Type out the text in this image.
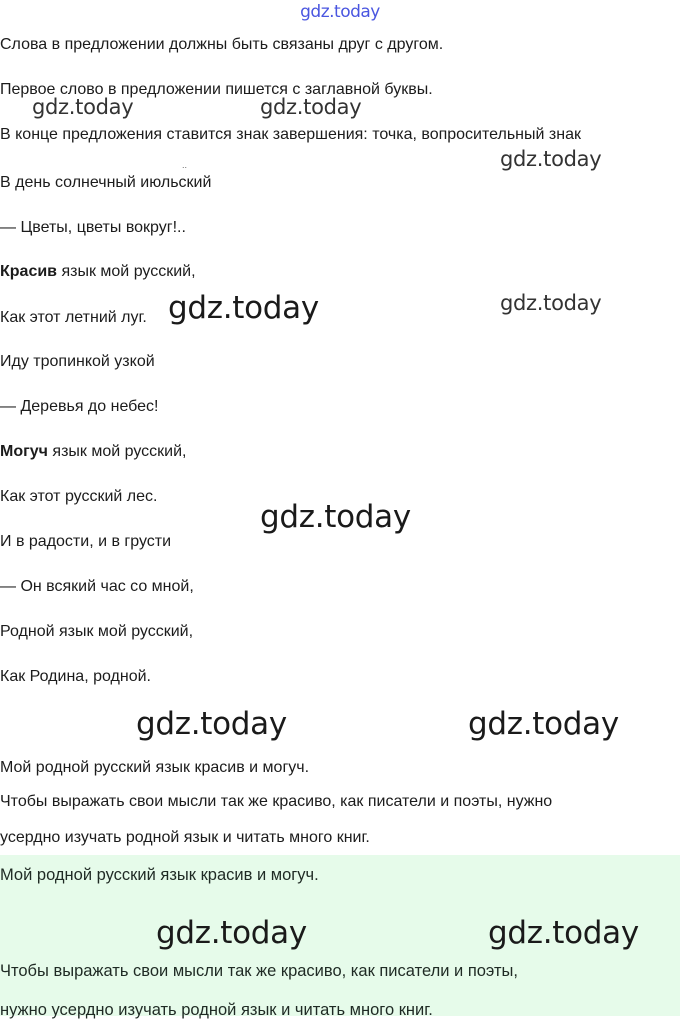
gdz.today
Слова в предложении должны быть связаны друг с другом.
Первое слово в предложении пишется с заглавной буквы.
В конце предложения ставится знак завершения: точка, вопросительный знак
..
В день солнечный июльский
— Цветы, цветы вокруг!..
Красив язык мой русский,
Как этот летний луг.
Иду тропинкой узкой
— Деревья до небес!
Могуч язык мой русский,
Как этот русский лес.
И в радости, и в грусти
— Он всякий час со мной,
Родной язык мой русский,
Как Родина, родной.
Мой родной русский язык красив и могуч.
Чтобы выражать свои мысли так же красиво, как писатели и поэты, нужно
усердно изучать родной язык и читать много книг.
Мой родной русский язык красив и могуч.
Чтобы выражать свои мысли так же красиво, как писатели и поэты,
нужно усердно изучать родной язык и читать много книг.
gdz.today	gdz.today
gdz.today
gdz.today
gdz.today
gdz.today
gdz.today	gdz.today
gdz.today	gdz.today
